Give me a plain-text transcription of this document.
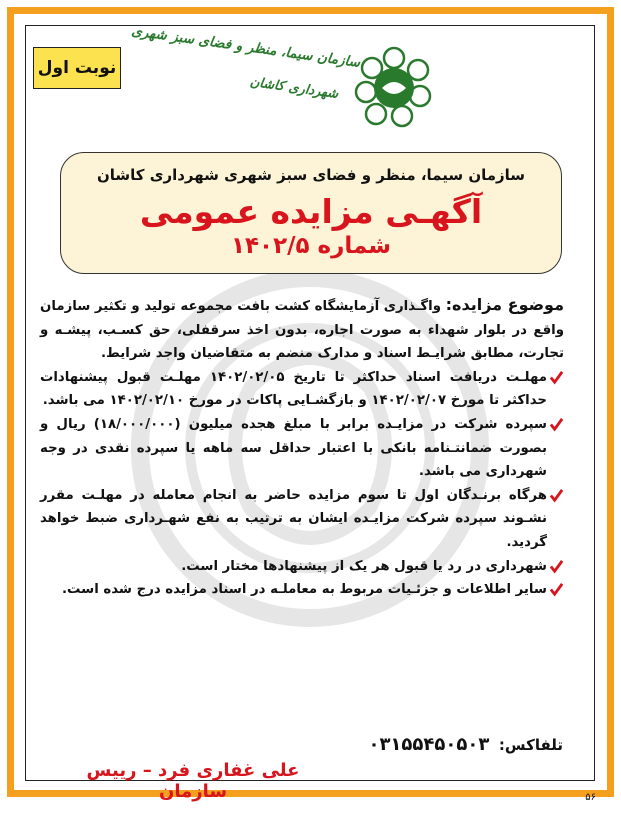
نوبت اول سازمان سیما، منظر و فضای سبز شهری
شهرداری کاشان
سازمان سیما، منظر و فضای سبز شهری شهرداری کاشان
آگهـی مزایده عمومی
شماره ۱۴۰۲/۵

موضوع مزایده: واگـذاری آزمایشگاه کشت بافت مجموعه تولید و تکثیر سازمان واقع در بلوار شهداء به صورت اجاره، بدون اخذ سرقفلی، حق کسـب، پیشـه و تجارت، مطابق شرایـط اسناد و مدارک منضم به متقاضیان واجد شرایط.

مهلـت دریافت اسناد حداکثر تا تاریخ ۱۴۰۲/۰۲/۰۵ مهلـت قبول پیشنهادات حداکثر تا مورخ ۱۴۰۲/۰۲/۰۷ و بازگشـایی پاکات در مورخ ۱۴۰۲/۰۲/۱۰ می باشد.

سپرده شرکت در مزایـده برابر با مبلغ هجده میلیون (۱۸/۰۰۰/۰۰۰) ریال و بصورت ضمانتـنامه بانکی با اعتبار حداقل سه ماهه یا سپرده نقدی در وجه شهرداری می باشد.

هرگاه برنـدگان اول تا سوم مزایده حاضر به انجام معامله در مهلـت مقرر نشـوند سپرده شرکت مزایـده ایشان به ترتیب به نفع شهـرداری ضبط خواهد گردید.

شهرداری در رد یا قبول هر یک از پیشنهادها مختار است.

سایر اطلاعات و جزئـیات مربوط به معاملـه در اسناد مزایده درج شده است.

تلفاکس: ۰۳۱۵۵۴۵۰۵۰۳
علی غفاری فرد – رییس سازمان	۵۶
